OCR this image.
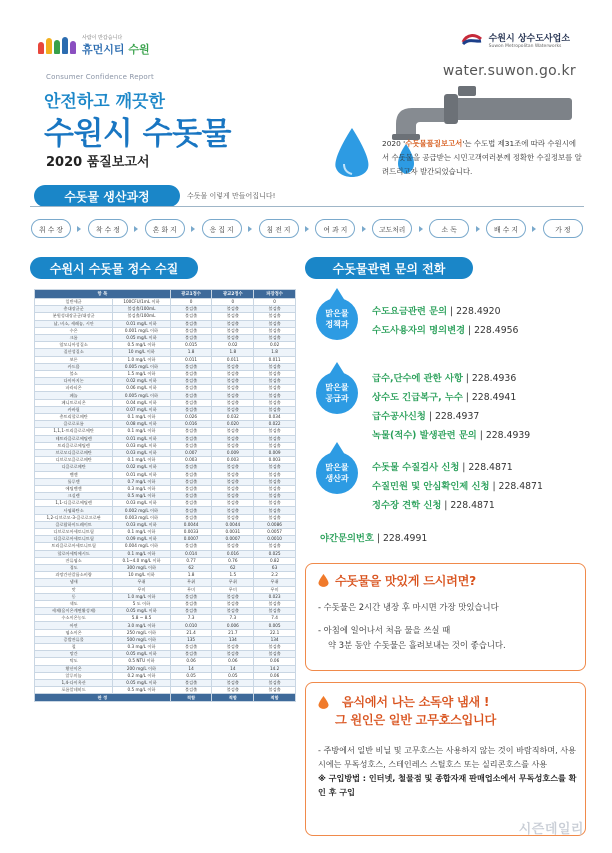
사람이 반갑습니다
휴먼시티 수원
수원시 상수도사업소
Suwon Metropolitan Waterworks
Consumer Confidence Report
안전하고 깨끗한
수원시 수돗물
2020 품질보고서
water.suwon.go.kr
2020 '수돗물품질보고서'는 수도법 제31조에 따라 수원시에서 수돗물을 공급받는 시민고객여러분께 정확한 수질정보를 알려드리고자 발간되었습니다.
수돗물 생산과정	수돗물 이렇게 만들어집니다!
취 수 장	착 수 정	혼 화 지	응 집 지	침 전 지	여 과 지	고도처리	소 독	배 수 지	가 정
수원시 수돗물 정수 수질
항 목		광교1정수	광교2정수	파장정수
일반세균	100CFU/1mL 이하	0	0	0
총대장균군	불검출/100mL	불검출	불검출	불검출
분원성대장균군/대장균	불검출/100mL	불검출	불검출	불검출
납, 비소, 세레늄, 시안	0.01 mg/L 이하	불검출	불검출	불검출
수은	0.001 mg/L 이하	불검출	불검출	불검출
크롬	0.05 mg/L 이하	불검출	불검출	불검출
암모니아성질소	0.5 mg/L 이하	0.015	0.02	0.02
질산성질소	10 mg/L 이하	1.8	1.8	1.8
보론	1.0 mg/L 이하	0.011	0.011	0.011
카드뮴	0.005 mg/L 이하	불검출	불검출	불검출
불소	1.5 mg/L 이하	불검출	불검출	불검출
다이아지논	0.02 mg/L 이하	불검출	불검출	불검출
파라티온	0.06 mg/L 이하	불검출	불검출	불검출
페놀	0.005 mg/L 이하	불검출	불검출	불검출
페니트로티온	0.04 mg/L 이하	불검출	불검출	불검출
카바릴	0.07 mg/L 이하	불검출	불검출	불검출
총트리할로메탄	0.1 mg/L 이하	0.026	0.032	0.034
클로로포름	0.08 mg/L 이하	0.016	0.020	0.022
1,1,1-트리클로로에탄	0.1 mg/L 이하	불검출	불검출	불검출
테트라클로로에틸렌	0.01 mg/L 이하	불검출	불검출	불검출
트리클로로에틸렌	0.03 mg/L 이하	불검출	불검출	불검출
브로모디클로로메탄	0.03 mg/L 이하	0.007	0.009	0.009
디브로모클로로메탄	0.1 mg/L 이하	0.003	0.003	0.003
디클로로메탄	0.02 mg/L 이하	불검출	불검출	불검출
벤젠	0.01 mg/L 이하	불검출	불검출	불검출
톨루엔	0.7 mg/L 이하	불검출	불검출	불검출
에틸벤젠	0.3 mg/L 이하	불검출	불검출	불검출
크실렌	0.5 mg/L 이하	불검출	불검출	불검출
1,1-디클로로에틸렌	0.03 mg/L 이하	불검출	불검출	불검출
사염화탄소	0.002 mg/L 이하	불검출	불검출	불검출
1,2-디브로모-3-클로로프로판	0.003 mg/L 이하	불검출	불검출	불검출
클로랄하이드레이트	0.03 mg/L 이하	0.0044	0.0044	0.0086
디브로모아세토니트릴	0.1 mg/L 이하	0.0033	0.0031	0.0057
디클로로아세토니트릴	0.09 mg/L 이하	0.0007	0.0007	0.0010
트리클로로아세토니트릴	0.004 mg/L 이하	불검출	불검출	불검출
할로아세틱에시드	0.1 mg/L 이하	0.014	0.016	0.025
잔류염소	0.1~4.0 mg/L 이하	0.77	0.76	0.82
경도	300 mg/L 이하	62	62	63
과망간산칼륨소비량	10 mg/L 이하	1.8	1.5	2.2
냄새	무취	무취	무취	무취
맛	무미	무미	무미	무미
동	1.0 mg/L 이하	불검출	불검출	0.023
색도	5 도 이하	불검출	불검출	불검출
세제(음이온계면활성제)	0.05 mg/L 이하	불검출	불검출	불검출
수소이온농도	5.8 ~ 8.5	7.3	7.3	7.4
아연	3.0 mg/L 이하	0.010	0.006	0.005
염소이온	250 mg/L 이하	21.4	21.7	22.1
증발잔류물	500 mg/L 이하	135	134	134
철	0.3 mg/L 이하	불검출	불검출	불검출
망간	0.05 mg/L 이하	불검출	불검출	불검출
탁도	0.5 NTU 이하	0.06	0.06	0.06
황산이온	200 mg/L 이하	14	14	14.2
알루미늄	0.2 mg/L 이하	0.05	0.05	0.06
1,4-다이옥산	0.05 mg/L 이하	불검출	불검출	불검출
포름알데히드	0.5 mg/L 이하	불검출	불검출	불검출
판 정		적합	적합	적합
수돗물관련 문의 전화
맑은물 정책과
수도요금관련 문의 | 228.4920
수도사용자의 명의변경 | 228.4956
맑은물 공급과
급수,단수에 관한 사항 | 228.4936
상수도 긴급복구, 누수 | 228.4941
급수공사신청 | 228.4937
녹물(적수) 발생관련 문의 | 228.4939
맑은물 생산과
수돗물 수질검사 신청 | 228.4871
수질민원 및 안심확인제 신청 | 228.4871
정수장 견학 신청 | 228.4871
야간문의번호 | 228.4991
수돗물을 맛있게 드시려면?
- 수돗물은 2시간 냉장 후 마시면 가장 맛있습니다
- 아침에 일어나서 처음 물을 쓰실 때
약 3분 동안 수돗물은 흘려보내는 것이 좋습니다.
음식에서 나는 소독약 냄새 !
그 원인은 일반 고무호스입니다
- 주방에서 일반 비닐 및 고무호스는 사용하지 않는 것이 바람직하며, 사용시에는 무독성호스, 스테인레스 스틸호스 또는 실리콘호스를 사용
※ 구입방법 : 인터넷, 철물점 및 종합자재 판매업소에서 무독성호스를 확인 후 구입
시즌데일리
